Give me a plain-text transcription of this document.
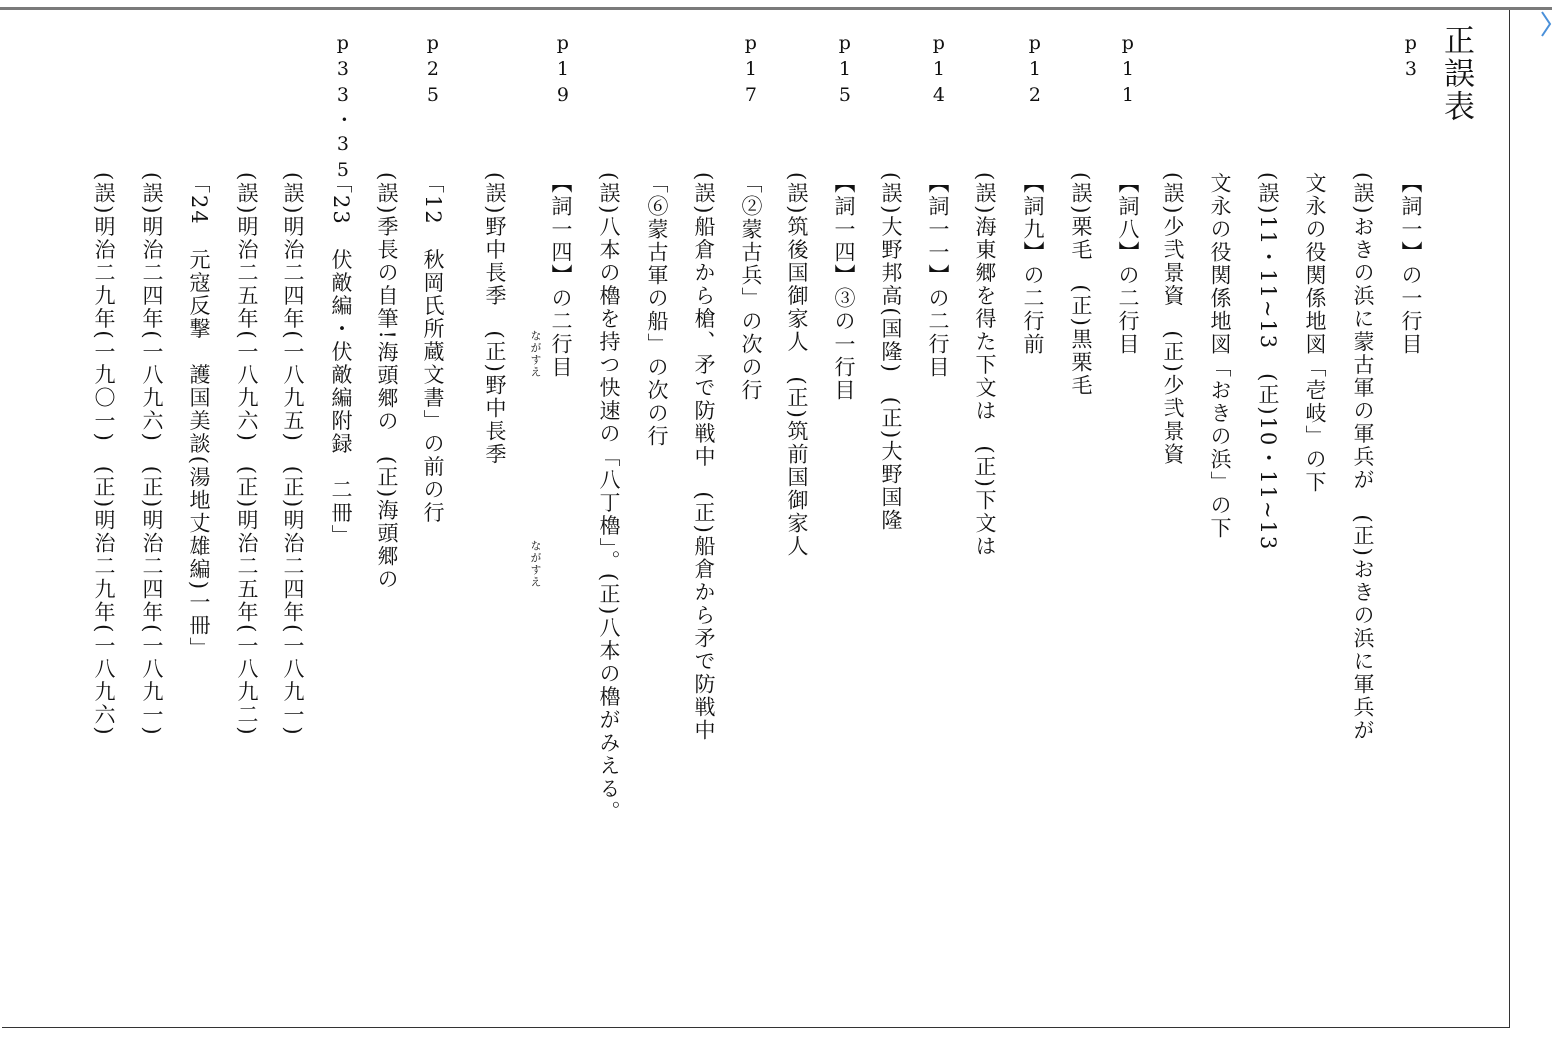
正誤表
p3
p11
p12
p14
p15
p17
p19
p25
p33・35
【詞一】の一行目
(誤)おきの浜に蒙古軍の軍兵が　(正)おきの浜に軍兵が
文永の役関係地図「壱岐」の下
(誤)11・11~13　(正)10・11~13
文永の役関係地図「おきの浜」の下
(誤)少弐景資　(正)少弐景資
【詞八】の二行目
(誤)栗毛　(正)黒栗毛
【詞九】の二行前
(誤)海東郷を得た下文は　(正)下文は
【詞一一】の二行目
(誤)大野邦高(国隆)　(正)大野国隆
【詞一四】③の一行目
(誤)筑後国御家人　(正)筑前国御家人
「②蒙古兵」の次の行
(誤)船倉から槍、矛で防戦中　(正)船倉から矛で防戦中
「⑥蒙古軍の船」の次の行
(誤)八本の櫓を持つ快速の「八丁櫓」。(正)八本の櫓がみえる。
【詞一四】の二行目
(誤)野中長季　(正)野中長季
「12　秋岡氏所蔵文書」の前の行
(誤)季長の自筆!海頭郷の　(正)海頭郷の
「23　伏敵編・伏敵編附録　二冊」
(誤)明治二四年(一八九五)　(正)明治二四年(一八九一)
(誤)明治二五年(一八九六)　(正)明治二五年(一八九二)
「24　元寇反撃　護国美談(湯地丈雄編)一冊」
(誤)明治二四年(一八九六)　(正)明治二四年(一八九一)
(誤)明治二九年(一九〇一)　(正)明治二九年(一八九六)	ながすえ
ながすえ
